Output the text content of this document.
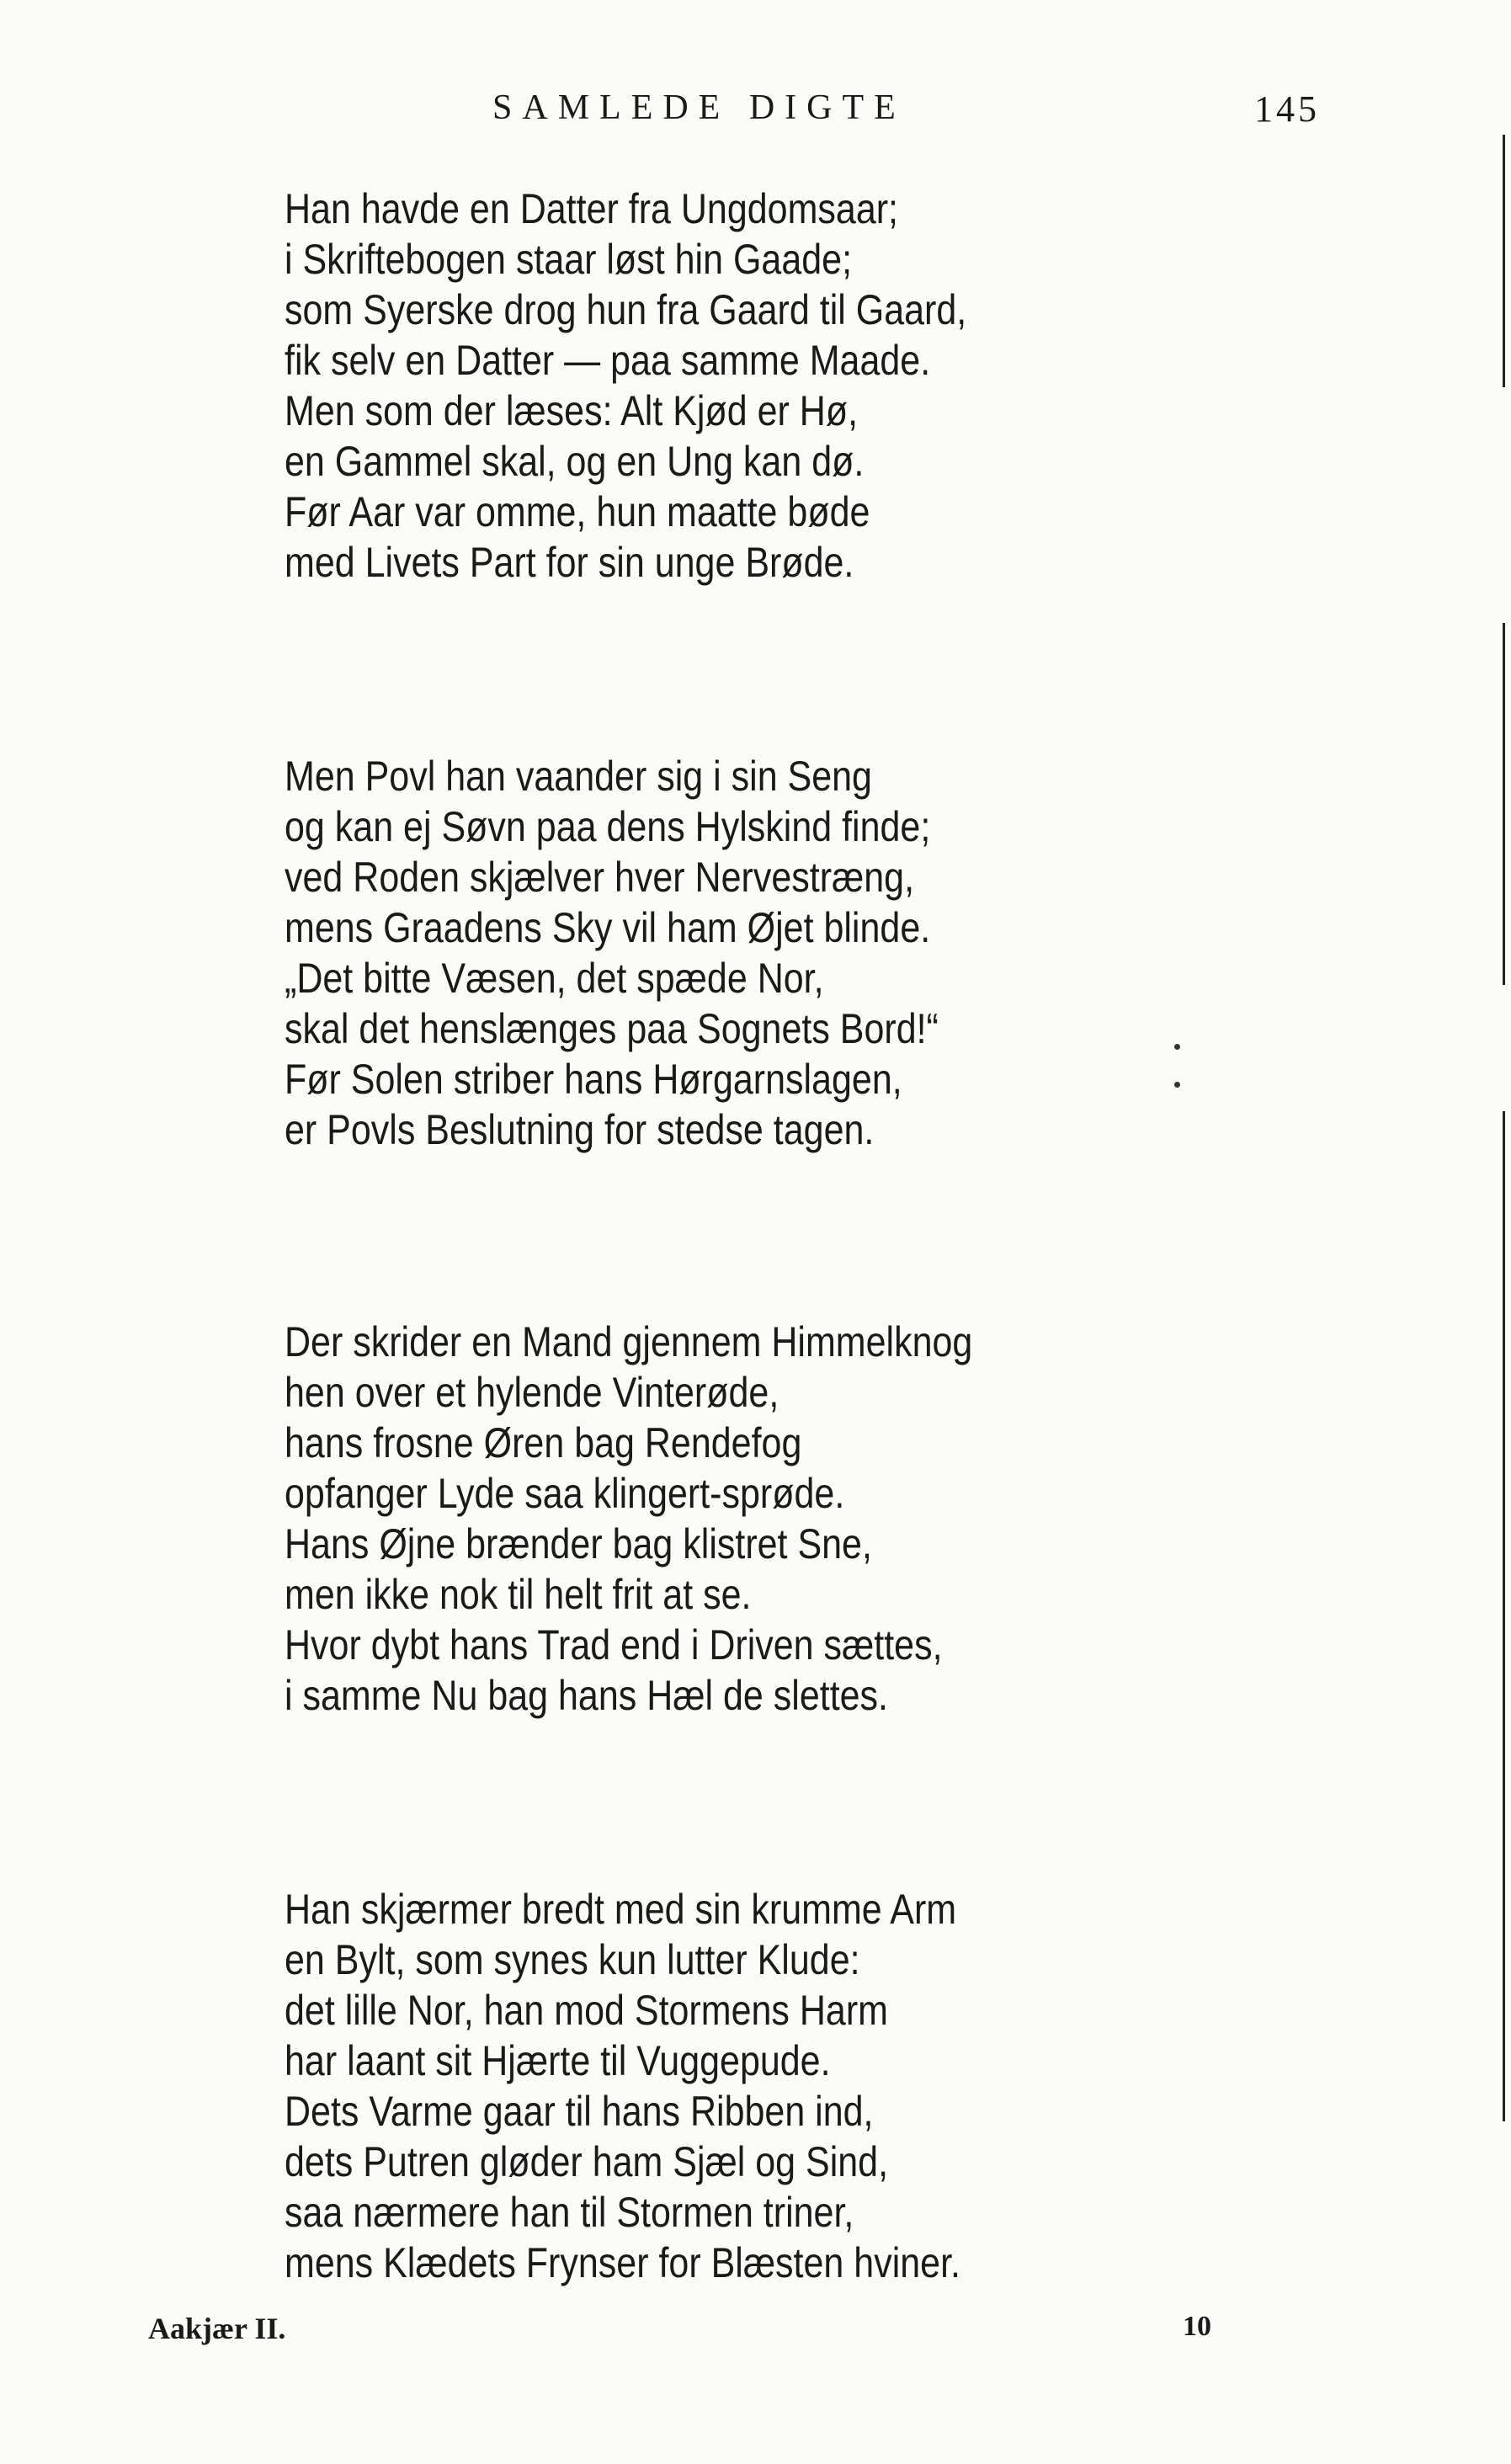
SAMLEDE DIGTE	145
Han havde en Datter fra Ungdomsaar;
i Skriftebogen staar løst hin Gaade;
som Syerske drog hun fra Gaard til Gaard,
fik selv en Datter — paa samme Maade.
Men som der læses: Alt Kjød er Hø,
en Gammel skal, og en Ung kan dø.
Før Aar var omme, hun maatte bøde
med Livets Part for sin unge Brøde.
Men Povl han vaander sig i sin Seng
og kan ej Søvn paa dens Hylskind finde;
ved Roden skjælver hver Nervestræng,
mens Graadens Sky vil ham Øjet blinde.
„Det bitte Væsen, det spæde Nor,
skal det henslænges paa Sognets Bord!“
Før Solen striber hans Hørgarnslagen,
er Povls Beslutning for stedse tagen.
Der skrider en Mand gjennem Himmelknog
hen over et hylende Vinterøde,
hans frosne Øren bag Rendefog
opfanger Lyde saa klingert-sprøde.
Hans Øjne brænder bag klistret Sne,
men ikke nok til helt frit at se.
Hvor dybt hans Trad end i Driven sættes,
i samme Nu bag hans Hæl de slettes.
Han skjærmer bredt med sin krumme Arm
en Bylt, som synes kun lutter Klude:
det lille Nor, han mod Stormens Harm
har laant sit Hjærte til Vuggepude.
Dets Varme gaar til hans Ribben ind,
dets Putren gløder ham Sjæl og Sind,
saa nærmere han til Stormen triner,
mens Klædets Frynser for Blæsten hviner.
Aakjær II.	10
